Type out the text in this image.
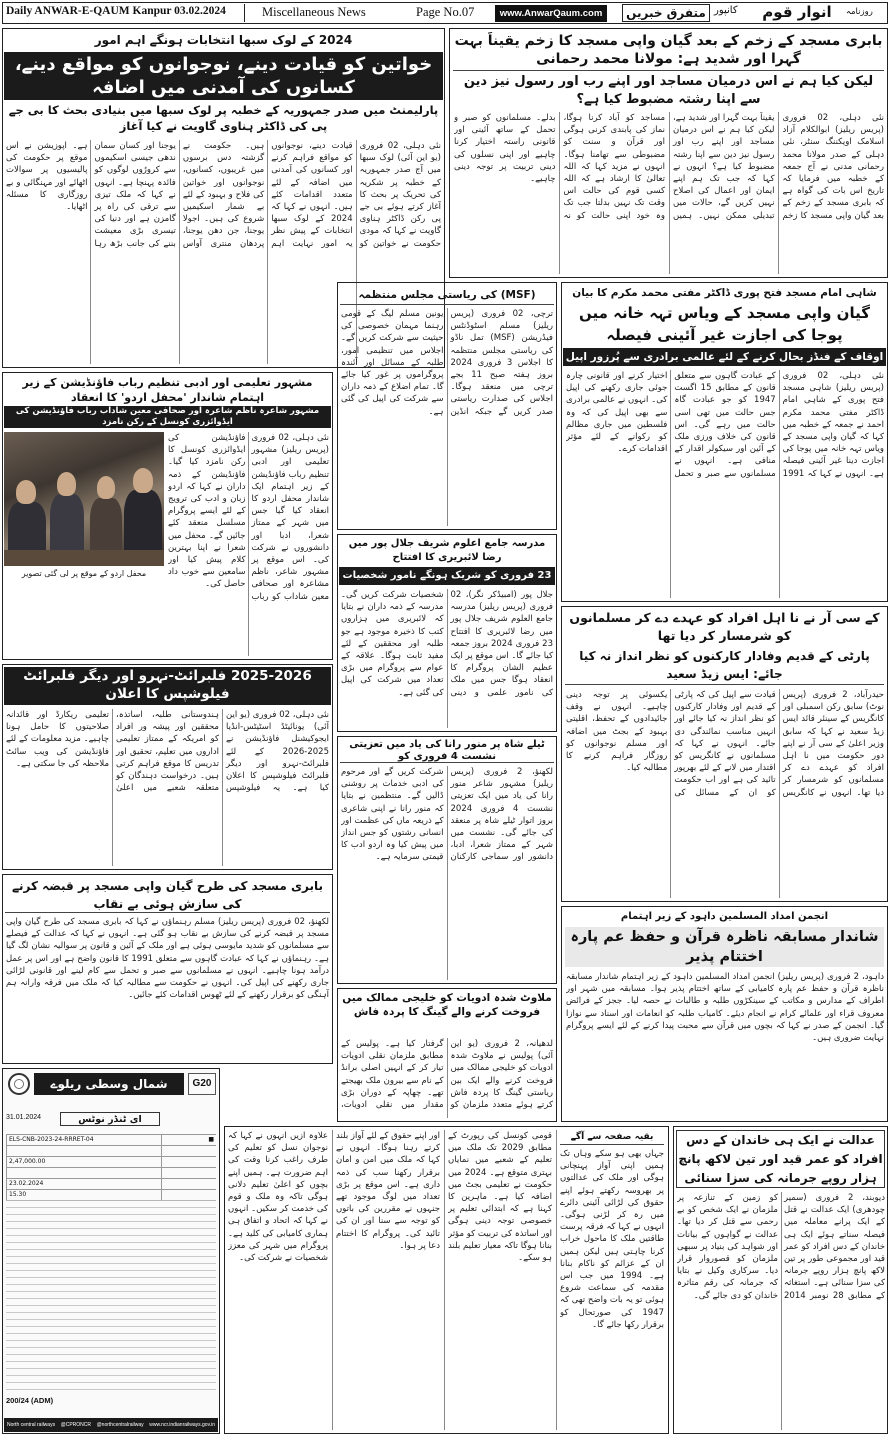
Daily ANWAR-E-QAUM Kanpur 03.02.2024	Miscellaneous News	Page No.07	www.AnwarQaum.com	متفرق خبریں کانپور	انوار قوم	روزنامہ
بابری مسجد کے زخم کے بعد گیان واپی مسجد کا زخم یقیناً بہت گہرا اور شدید ہے: مولانا محمد رحمانی
لیکن کیا ہم نے اس درمیان مساجد اور اپنے رب اور رسول نیز دین سے اپنا رشتہ مضبوط کیا ہے؟
نئی دہلی، 02 فروری (پریس ریلیز) ابوالکلام آزاد اسلامک اویکننگ سنٹر، نئی دہلی کے صدر مولانا محمد رحمانی مدنی نے آج جمعہ کے خطبہ میں فرمایا کہ تاریخ اس بات کی گواہ ہے کہ بابری مسجد کے زخم کے بعد گیان واپی مسجد کا زخم یقیناً بہت گہرا اور شدید ہے، لیکن کیا ہم نے اس درمیان مساجد اور اپنے رب اور رسول نیز دین سے اپنا رشتہ مضبوط کیا ہے؟ انہوں نے کہا کہ جب تک ہم اپنے ایمان اور اعمال کی اصلاح نہیں کریں گے، حالات میں تبدیلی ممکن نہیں۔ ہمیں مساجد کو آباد کرنا ہوگا، نماز کی پابندی کرنی ہوگی اور قرآن و سنت کو مضبوطی سے تھامنا ہوگا۔ انہوں نے مزید کہا کہ اللہ تعالیٰ کا ارشاد ہے کہ اللہ کسی قوم کی حالت اس وقت تک نہیں بدلتا جب تک وہ خود اپنی حالت کو نہ بدلے۔ مسلمانوں کو صبر و تحمل کے ساتھ آئینی اور قانونی راستہ اختیار کرنا چاہیے اور اپنی نسلوں کی دینی تربیت پر توجہ دینی چاہیے۔
2024 کے لوک سبھا انتخابات ہونگے اہم امور
خواتین کو قیادت دینے، نوجوانوں کو مواقع دینے، کسانوں کی آمدنی میں اضافہ
پارلیمنٹ میں صدر جمہوریہ کے خطبہ پر لوک سبھا میں بنیادی بحث کا بی جے پی کی ڈاکٹر ہناوی گاویت نے کیا آغاز
نئی دہلی، 02 فروری (یو این آئی) لوک سبھا میں آج صدر جمہوریہ کے خطبہ پر شکریہ کی تحریک پر بحث کا آغاز کرتے ہوئے بی جے پی رکن ڈاکٹر ہناوی گاویت نے کہا کہ مودی حکومت نے خواتین کو قیادت دینے، نوجوانوں کو مواقع فراہم کرنے اور کسانوں کی آمدنی میں اضافہ کے لئے متعدد اقدامات کئے ہیں۔ انہوں نے کہا کہ 2024 کے لوک سبھا انتخابات کے پیش نظر یہ امور نہایت اہم ہیں۔ حکومت نے گزشتہ دس برسوں میں غریبوں، کسانوں، نوجوانوں اور خواتین کی فلاح و بہبود کے لئے بے شمار اسکیمیں شروع کی ہیں۔ اجولا یوجنا، جن دھن یوجنا، پردھان منتری آواس یوجنا اور کسان سمان ندھی جیسی اسکیموں سے کروڑوں لوگوں کو فائدہ پہنچا ہے۔ انہوں نے کہا کہ ملک تیزی سے ترقی کی راہ پر گامزن ہے اور دنیا کی تیسری بڑی معیشت بننے کی جانب بڑھ رہا ہے۔ اپوزیشن نے اس موقع پر حکومت کی پالیسیوں پر سوالات اٹھائے اور مہنگائی و بے روزگاری کا مسئلہ اٹھایا۔
شاہی امام مسجد فتح پوری ڈاکٹر مفتی محمد مکرم کا بیان
گیان واپی مسجد کے ویاس تہہ خانہ میں پوجا کی اجازت غیر آئینی فیصلہ
اوقاف کے فنڈز بحال کرنے کے لئے عالمی برادری سے پُرزور اپیل
نئی دہلی، 02 فروری (پریس ریلیز) شاہی مسجد فتح پوری کے شاہی امام ڈاکٹر مفتی محمد مکرم احمد نے جمعہ کے خطبہ میں کہا کہ گیان واپی مسجد کے ویاس تہہ خانہ میں پوجا کی اجازت دینا غیر آئینی فیصلہ ہے۔ انہوں نے کہا کہ 1991 کے عبادت گاہوں سے متعلق قانون کے مطابق 15 اگست 1947 کو جو عبادت گاہ جس حالت میں تھی اسی حالت میں رہے گی۔ اس قانون کی خلاف ورزی ملک کے آئین اور سیکولر اقدار کے منافی ہے۔ انہوں نے مسلمانوں سے صبر و تحمل اختیار کرنے اور قانونی چارہ جوئی جاری رکھنے کی اپیل کی۔ انہوں نے عالمی برادری سے بھی اپیل کی کہ وہ فلسطین میں جاری مظالم کو رکوانے کے لئے مؤثر اقدامات کرے۔
(MSF) کی ریاستی مجلس منتظمہ
ترچی، 02 فروری (پریس ریلیز) مسلم اسٹوڈنٹس فیڈریشن (MSF) تمل ناڈو کی ریاستی مجلس منتظمہ کا اجلاس 3 فروری 2024 بروز ہفتہ صبح 11 بجے ترچی میں منعقد ہوگا۔ اجلاس کی صدارت ریاستی صدر کریں گے جبکہ انڈین یونین مسلم لیگ کے قومی رہنما مہمان خصوصی کی حیثیت سے شرکت کریں گے۔ اجلاس میں تنظیمی امور، طلبہ کے مسائل اور آئندہ پروگراموں پر غور کیا جائے گا۔ تمام اضلاع کے ذمہ داران سے شرکت کی اپیل کی گئی ہے۔
مشہور تعلیمی اور ادبی تنظیم رباب فاؤنڈیشن کے زیر اہتمام شاندار 'محفل اردو' کا انعقاد
مشہور شاعرہ ناظم شاعرہ اور صحافی معین شاداب رباب فاؤنڈیشن کی ایڈوائزری کونسل کے رکن نامزد
نئی دہلی، 02 فروری (پریس ریلیز) مشہور تعلیمی اور ادبی تنظیم رباب فاؤنڈیشن کے زیر اہتمام ایک شاندار محفل اردو کا انعقاد کیا گیا جس میں شہر کے ممتاز شعرا، ادبا اور دانشوروں نے شرکت کی۔ اس موقع پر مشہور شاعر، ناظم مشاعرہ اور صحافی معین شاداب کو رباب فاؤنڈیشن کی ایڈوائزری کونسل کا رکن نامزد کیا گیا۔ فاؤنڈیشن کے ذمہ داران نے کہا کہ اردو زبان و ادب کی ترویج کے لئے ایسے پروگرام مسلسل منعقد کئے جائیں گے۔ محفل میں شعرا نے اپنا بہترین کلام پیش کیا اور سامعین سے خوب داد حاصل کی۔
محفل اردو کے موقع پر لی گئی تصویر
مدرسہ جامع اعلوم شریف جلال پور میں رضا لائبریری کا افتتاح
23 فروری کو شریک ہونگے نامور شخصیات
جلال پور (امبیڈکر نگر)، 02 فروری (پریس ریلیز) مدرسہ جامع العلوم شریف جلال پور میں رضا لائبریری کا افتتاح 23 فروری 2024 بروز جمعہ کیا جائے گا۔ اس موقع پر ایک عظیم الشان پروگرام کا انعقاد ہوگا جس میں ملک کی نامور علمی و دینی شخصیات شرکت کریں گی۔ مدرسہ کے ذمہ داران نے بتایا کہ لائبریری میں ہزاروں کتب کا ذخیرہ موجود ہے جو طلبہ اور محققین کے لئے مفید ثابت ہوگا۔ علاقہ کے عوام سے پروگرام میں بڑی تعداد میں شرکت کی اپیل کی گئی ہے۔
کے سی آر نے نا اہل افراد کو عہدے دے کر مسلمانوں کو شرمسار کر دیا تھا
پارٹی کے قدیم وفادار کارکنوں کو نظر انداز نہ کیا جائے: ایس زیڈ سعید
حیدرآباد، 2 فروری (پریس نوٹ) سابق رکن اسمبلی اور کانگریس کے سینئر قائد ایس زیڈ سعید نے کہا کہ سابق وزیر اعلیٰ کے سی آر نے اپنے دور حکومت میں نا اہل افراد کو عہدے دے کر مسلمانوں کو شرمسار کر دیا تھا۔ انہوں نے کانگریس قیادت سے اپیل کی کہ پارٹی کے قدیم اور وفادار کارکنوں کو نظر انداز نہ کیا جائے اور انہیں مناسب نمائندگی دی جائے۔ انہوں نے کہا کہ مسلمانوں نے کانگریس کو اقتدار میں لانے کے لئے بھرپور تائید کی ہے اور اب حکومت کو ان کے مسائل کی یکسوئی پر توجہ دینی چاہیے۔ انہوں نے وقف جائیدادوں کے تحفظ، اقلیتی بہبود کے بجٹ میں اضافہ اور مسلم نوجوانوں کو روزگار فراہم کرنے کا مطالبہ کیا۔
2025-2026 فلبرائٹ-نہرو اور دیگر فلبرائٹ فیلوشپس کا اعلان
نئی دہلی، 02 فروری (یو این آئی) یونائیٹڈ اسٹیٹس-انڈیا ایجوکیشنل فاؤنڈیشن نے 2025-2026 کے لئے فلبرائٹ-نہرو اور دیگر فلبرائٹ فیلوشپس کا اعلان کیا ہے۔ یہ فیلوشپس ہندوستانی طلبہ، اساتذہ، محققین اور پیشہ ور افراد کو امریکہ کے ممتاز تعلیمی اداروں میں تعلیم، تحقیق اور تدریس کا موقع فراہم کرتی ہیں۔ درخواست دہندگان کو متعلقہ شعبے میں اعلیٰ تعلیمی ریکارڈ اور قائدانہ صلاحیتوں کا حامل ہونا چاہیے۔ مزید معلومات کے لئے فاؤنڈیشن کی ویب سائٹ ملاحظہ کی جا سکتی ہے۔
ٹیلے شاہ پر منور رانا کی یاد میں تعزیتی نشست 4 فروری کو
لکھنؤ، 2 فروری (پریس ریلیز) مشہور شاعر منور رانا کی یاد میں ایک تعزیتی نشست 4 فروری 2024 بروز اتوار ٹیلے شاہ پر منعقد کی جائے گی۔ نشست میں شہر کے ممتاز شعرا، ادبا، دانشور اور سماجی کارکنان شرکت کریں گے اور مرحوم کی ادبی خدمات پر روشنی ڈالیں گے۔ منتظمین نے بتایا کہ منور رانا نے اپنی شاعری کے ذریعہ ماں کی عظمت اور انسانی رشتوں کو جس انداز میں پیش کیا وہ اردو ادب کا قیمتی سرمایہ ہے۔
بابری مسجد کی طرح گیان واپی مسجد پر قبضہ کرنے کی سازش ہوئی بے نقاب
لکھنؤ، 02 فروری (پریس ریلیز) مسلم رہنماؤں نے کہا کہ بابری مسجد کی طرح گیان واپی مسجد پر قبضہ کرنے کی سازش بے نقاب ہو گئی ہے۔ انہوں نے کہا کہ عدالت کے فیصلے سے مسلمانوں کو شدید مایوسی ہوئی ہے اور ملک کے آئین و قانون پر سوالیہ نشان لگ گیا ہے۔ رہنماؤں نے کہا کہ عبادت گاہوں سے متعلق 1991 کا قانون واضح ہے اور اس پر عمل درآمد ہونا چاہیے۔ انہوں نے مسلمانوں سے صبر و تحمل سے کام لینے اور قانونی لڑائی جاری رکھنے کی اپیل کی۔ انہوں نے حکومت سے مطالبہ کیا کہ ملک میں فرقہ وارانہ ہم آہنگی کو برقرار رکھنے کے لئے ٹھوس اقدامات کئے جائیں۔
انجمن امداد المسلمین داہود کے زیر اہتمام
شاندار مسابقہ ناظرہ قرآن و حفظ عم پارہ اختتام پذیر
داہود، 2 فروری (پریس ریلیز) انجمن امداد المسلمین داہود کے زیر اہتمام شاندار مسابقہ ناظرہ قرآن و حفظ عم پارہ کامیابی کے ساتھ اختتام پذیر ہوا۔ مسابقہ میں شہر اور اطراف کے مدارس و مکاتب کے سینکڑوں طلبہ و طالبات نے حصہ لیا۔ ججز کے فرائض معروف قراء اور علمائے کرام نے انجام دیئے۔ کامیاب طلبہ کو انعامات اور اسناد سے نوازا گیا۔ انجمن کے صدر نے کہا کہ بچوں میں قرآن سے محبت پیدا کرنے کے لئے ایسے پروگرام نہایت ضروری ہیں۔
ملاوٹ شدہ ادویات کو خلیجی ممالک میں فروخت کرنے والے گینگ کا پردہ فاش
لدھیانہ، 2 فروری (یو این آئی) پولیس نے ملاوٹ شدہ ادویات کو خلیجی ممالک میں فروخت کرنے والے ایک بین ریاستی گینگ کا پردہ فاش کرتے ہوئے متعدد ملزمان کو گرفتار کیا ہے۔ پولیس کے مطابق ملزمان نقلی ادویات تیار کر کے انہیں اصلی برانڈ کے نام سے بیرون ملک بھیجتے تھے۔ چھاپہ کے دوران بڑی مقدار میں نقلی ادویات،
شمال وسطی ریلوے	G20
ای ٹنڈر نوٹس
31.01.2024
ELS-CNB-2023-24-RRRET-04	■

2,47,000.00

23.02.2024

15.30

200/24 (ADM)
North central railways @CPRONCR @northcentralrailway www.ncr.indianrailways.gov.in
بقیہ صفحہ سے آگے
جہاں بھی ہو سکے وہاں تک ہمیں اپنی آواز پہنچانی ہوگی اور ملک کی عدالتوں پر بھروسہ رکھتے ہوئے اپنے حقوق کی لڑائی آئینی دائرے میں رہ کر لڑنی ہوگی۔ انہوں نے کہا کہ فرقہ پرست طاقتیں ملک کا ماحول خراب کرنا چاہتی ہیں لیکن ہمیں ان کے عزائم کو ناکام بنانا ہے۔ 1994 میں جب اس مقدمہ کی سماعت شروع ہوئی تو یہ بات واضح تھی کہ 1947 کی صورتحال کو برقرار رکھا جائے گا۔
قومی کونسل کی رپورٹ کے مطابق 2029 تک ملک میں تعلیم کے شعبے میں نمایاں بہتری متوقع ہے۔ 2024 میں حکومت نے تعلیمی بجٹ میں اضافہ کیا ہے۔ ماہرین کا کہنا ہے کہ ابتدائی تعلیم پر خصوصی توجہ دینی ہوگی اور اساتذہ کی تربیت کو مؤثر بنانا ہوگا تاکہ معیار تعلیم بلند ہو سکے۔
اور اپنے حقوق کے لئے آواز بلند کرتے رہنا ہوگا۔ انہوں نے کہا کہ ملک میں امن و امان برقرار رکھنا سب کی ذمہ داری ہے۔ اس موقع پر بڑی تعداد میں لوگ موجود تھے جنہوں نے مقررین کی باتوں کو توجہ سے سنا اور ان کی تائید کی۔ پروگرام کا اختتام دعا پر ہوا۔
علاوہ ازیں انہوں نے کہا کہ نوجوان نسل کو تعلیم کی طرف راغب کرنا وقت کی اہم ضرورت ہے۔ ہمیں اپنے بچوں کو اعلیٰ تعلیم دلانی ہوگی تاکہ وہ ملک و قوم کی خدمت کر سکیں۔ انہوں نے کہا کہ اتحاد و اتفاق ہی ہماری کامیابی کی کلید ہے۔ پروگرام میں شہر کی معزز شخصیات نے شرکت کی۔
عدالت نے ایک ہی خاندان کے دس افراد کو عمر قید اور تین لاکھ پانچ ہزار روپے جرمانہ کی سزا سنائی
دیوبند، 2 فروری (سمیر چودھری) ایک عدالت نے قتل کے ایک پرانے معاملہ میں فیصلہ سناتے ہوئے ایک ہی خاندان کے دس افراد کو عمر قید اور مجموعی طور پر تین لاکھ پانچ ہزار روپے جرمانہ کی سزا سنائی ہے۔ استغاثہ کے مطابق 28 نومبر 2014 کو زمین کے تنازعہ پر ملزمان نے ایک شخص کو بے رحمی سے قتل کر دیا تھا۔ عدالت نے گواہوں کے بیانات اور شواہد کی بنیاد پر سبھی ملزمان کو قصوروار قرار دیا۔ سرکاری وکیل نے بتایا کہ جرمانہ کی رقم متاثرہ خاندان کو دی جائے گی۔
